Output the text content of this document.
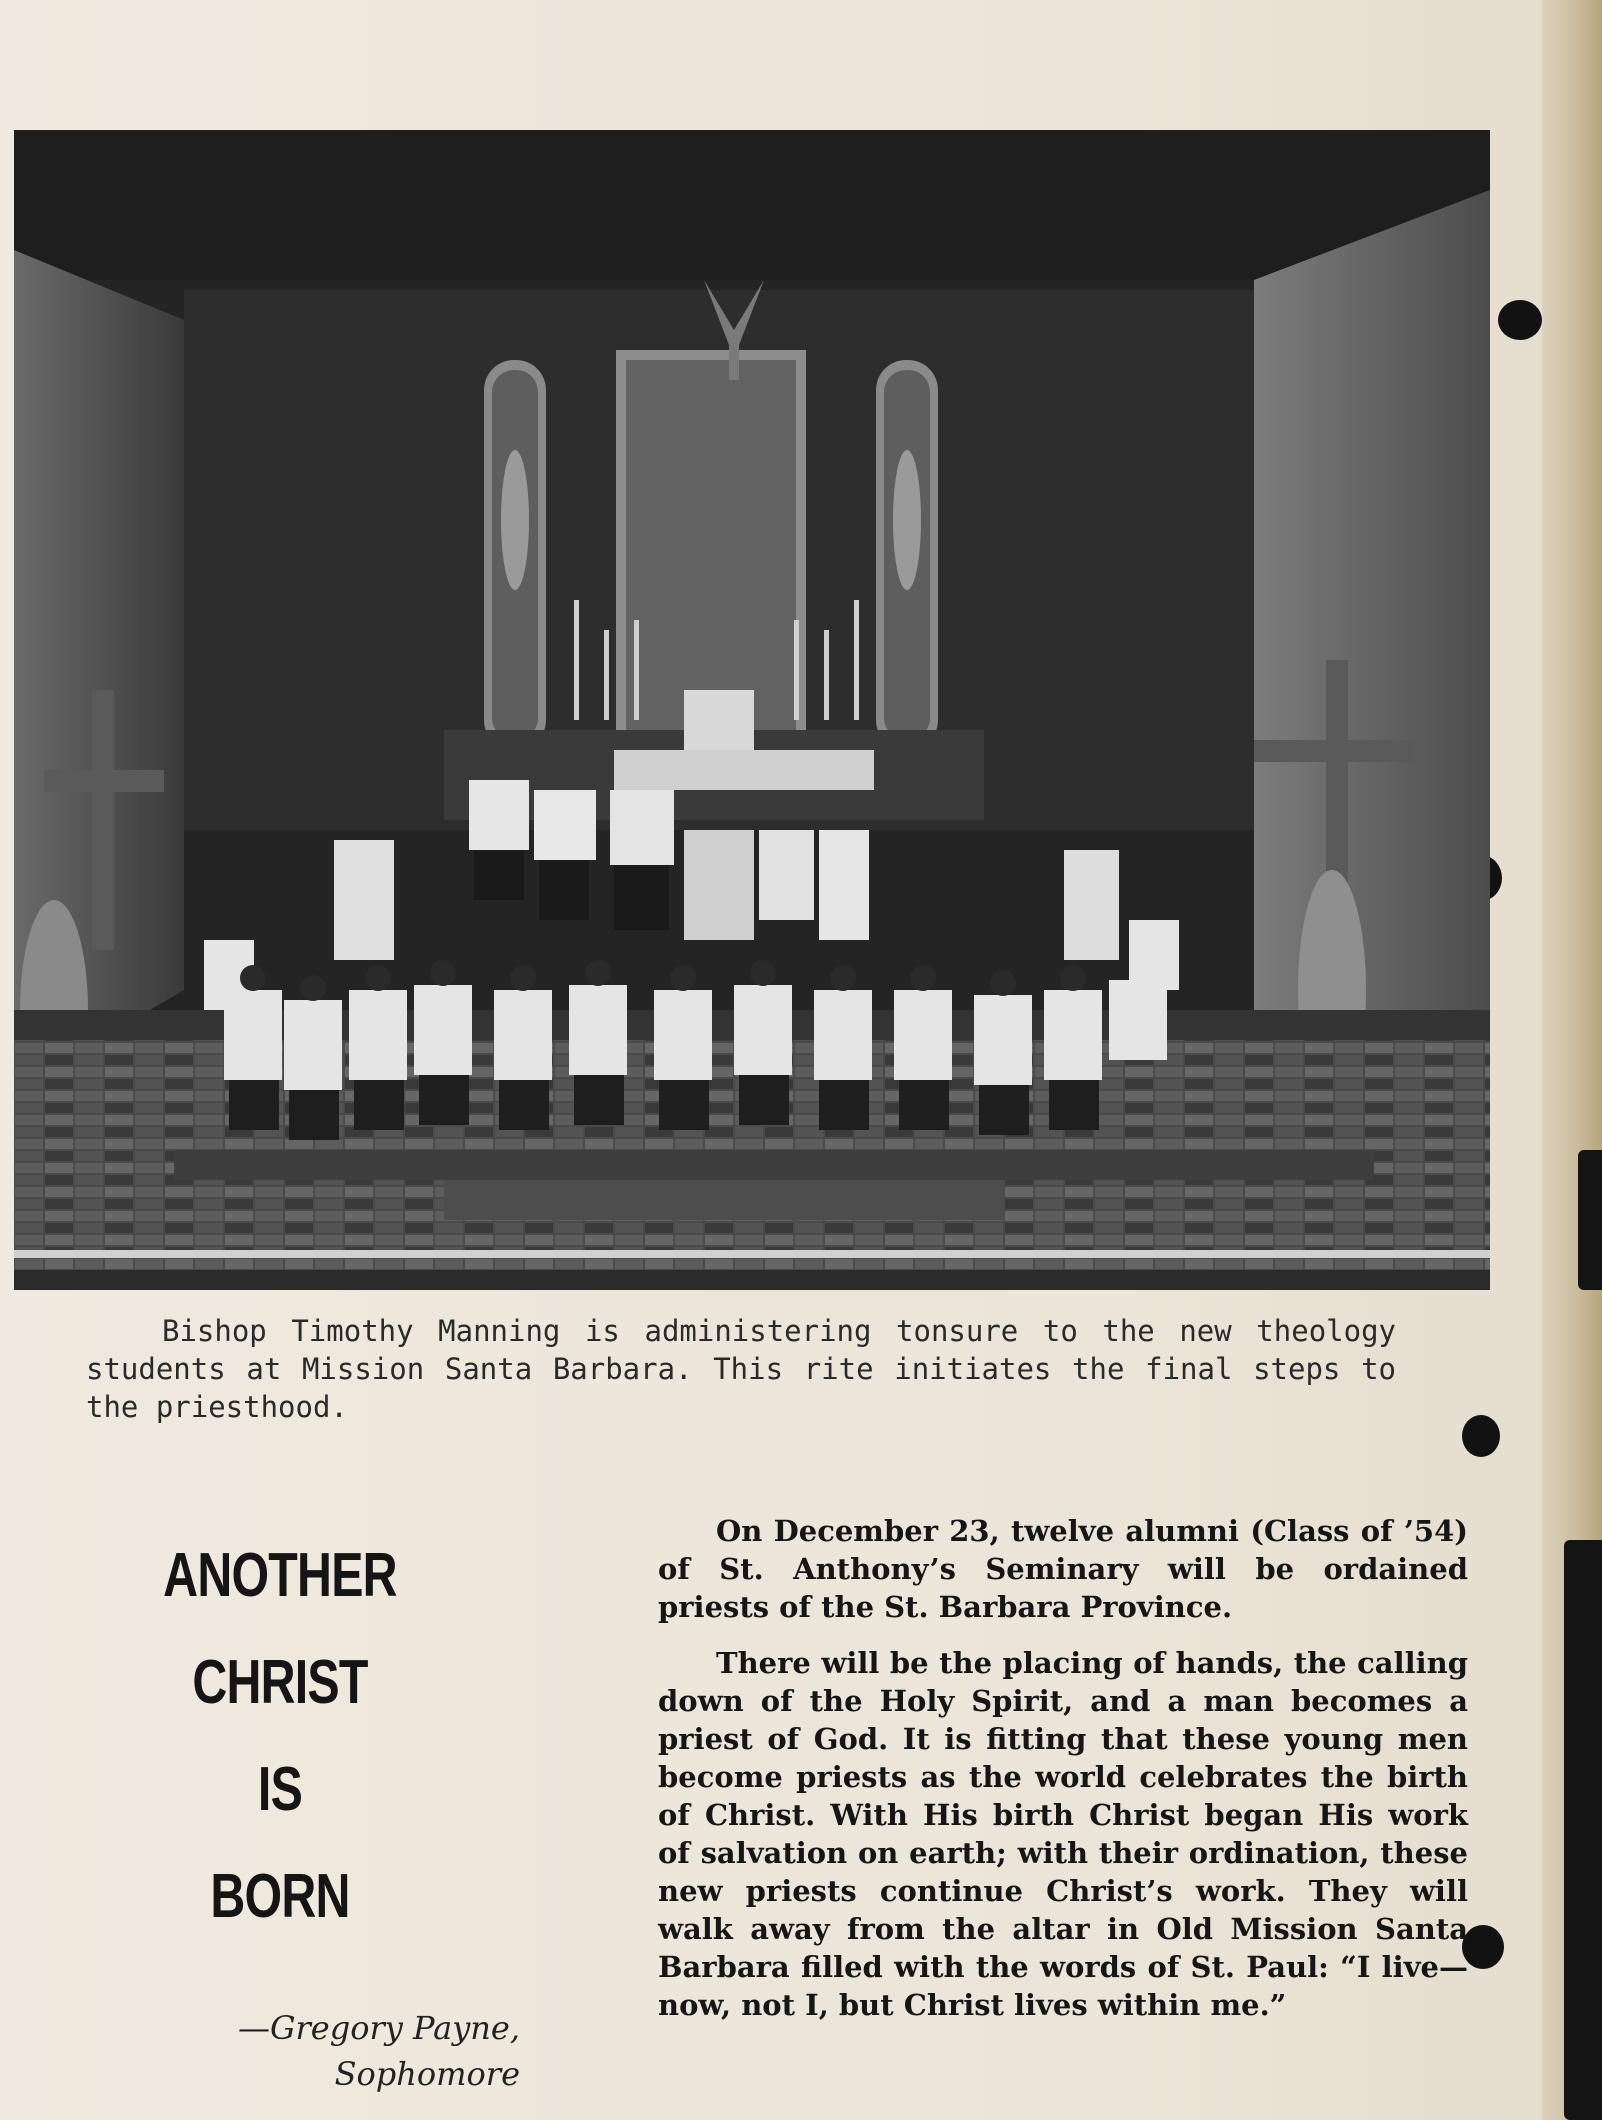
Bishop Timothy Manning is administering tonsure to the new theology students at Mission Santa Barbara. This rite initiates the final steps to the priesthood.

ANOTHER
CHRIST
IS
BORN
—Gregory Payne,
Sophomore

On December 23, twelve alumni (Class of ’54) of St. Anthony’s Seminary will be ordained priests of the St. Barbara Province.

There will be the placing of hands, the calling down of the Holy Spirit, and a man becomes a priest of God. It is fitting that these young men become priests as the world celebrates the birth of Christ. With His birth Christ began His work of salvation on earth; with their ordination, these new priests continue Christ’s work. They will walk away from the altar in Old Mission Santa Barbara filled with the words of St. Paul: “I live—now, not I, but Christ lives within me.”
